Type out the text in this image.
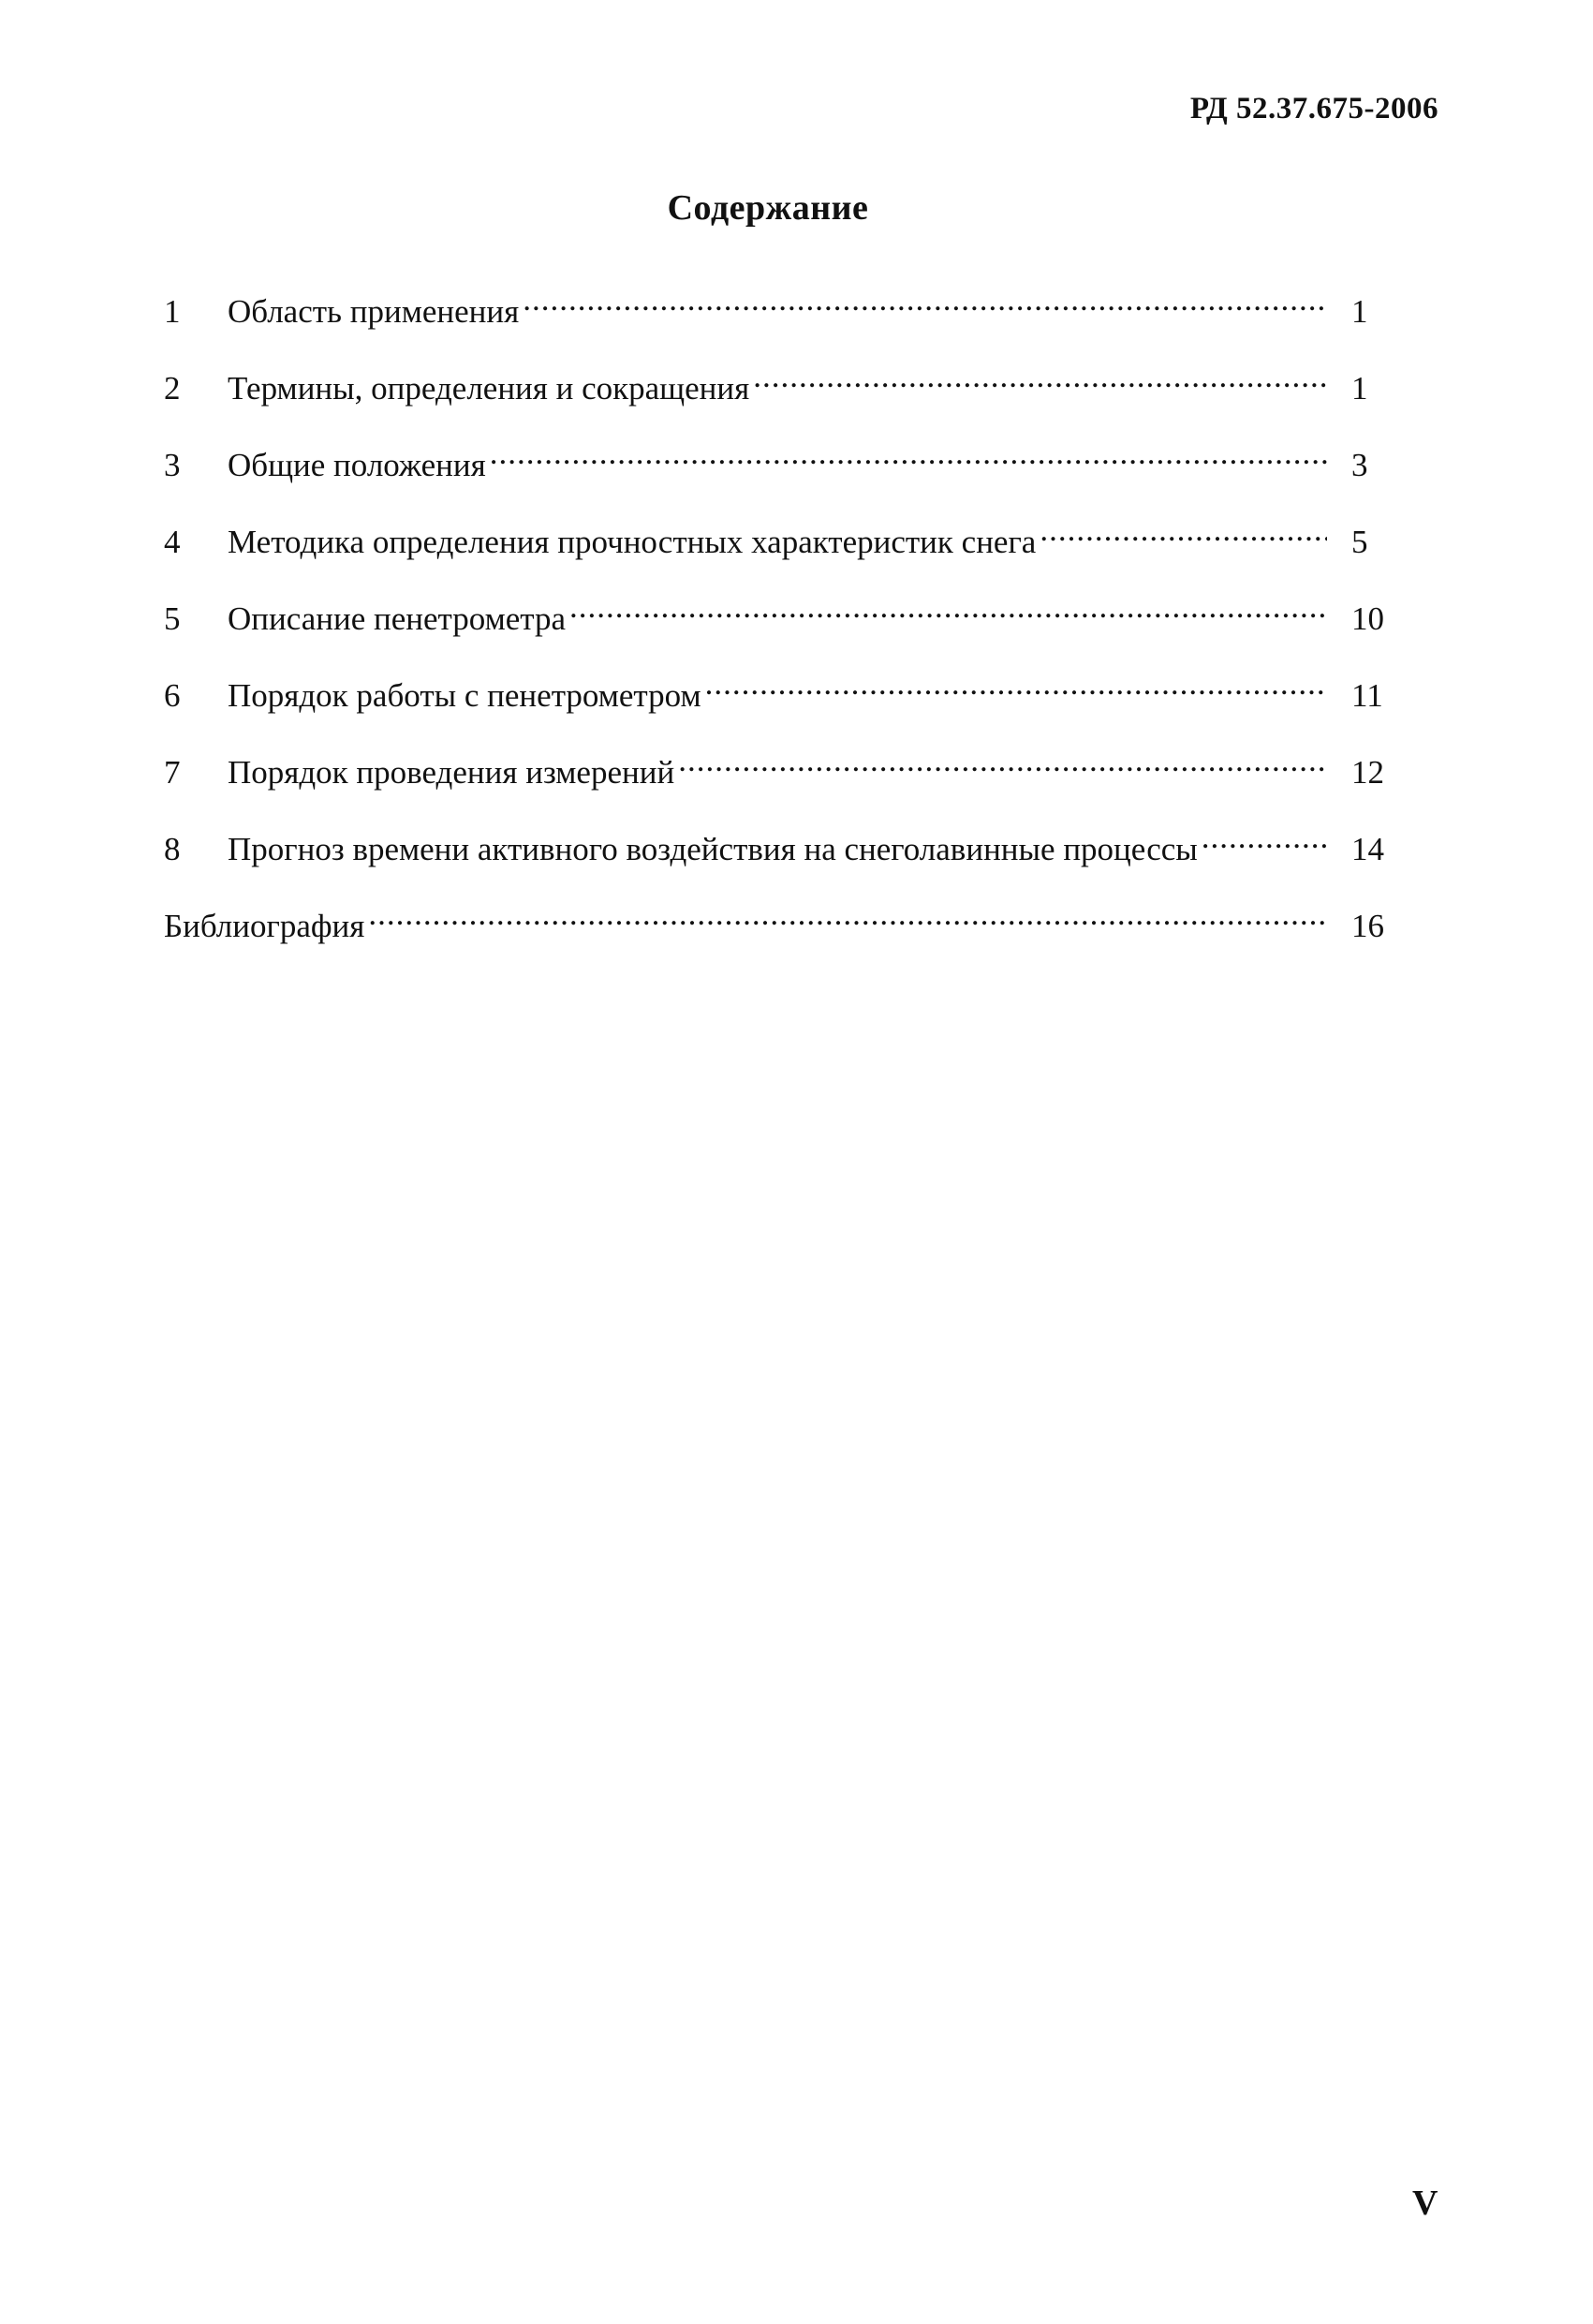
РД 52.37.675-2006
Содержание
1	Область применения .....	1
2	Термины, определения и сокращения .....	1
3	Общие положения .....	3
4	Методика определения прочностных характеристик снега .....	5
5	Описание пенетрометра .....	10
6	Порядок работы с пенетрометром .....	11
7	Порядок проведения измерений .....	12
8	Прогноз времени активного воздействия на снеголавинные процессы .....	14
Библиография .....	16
V
